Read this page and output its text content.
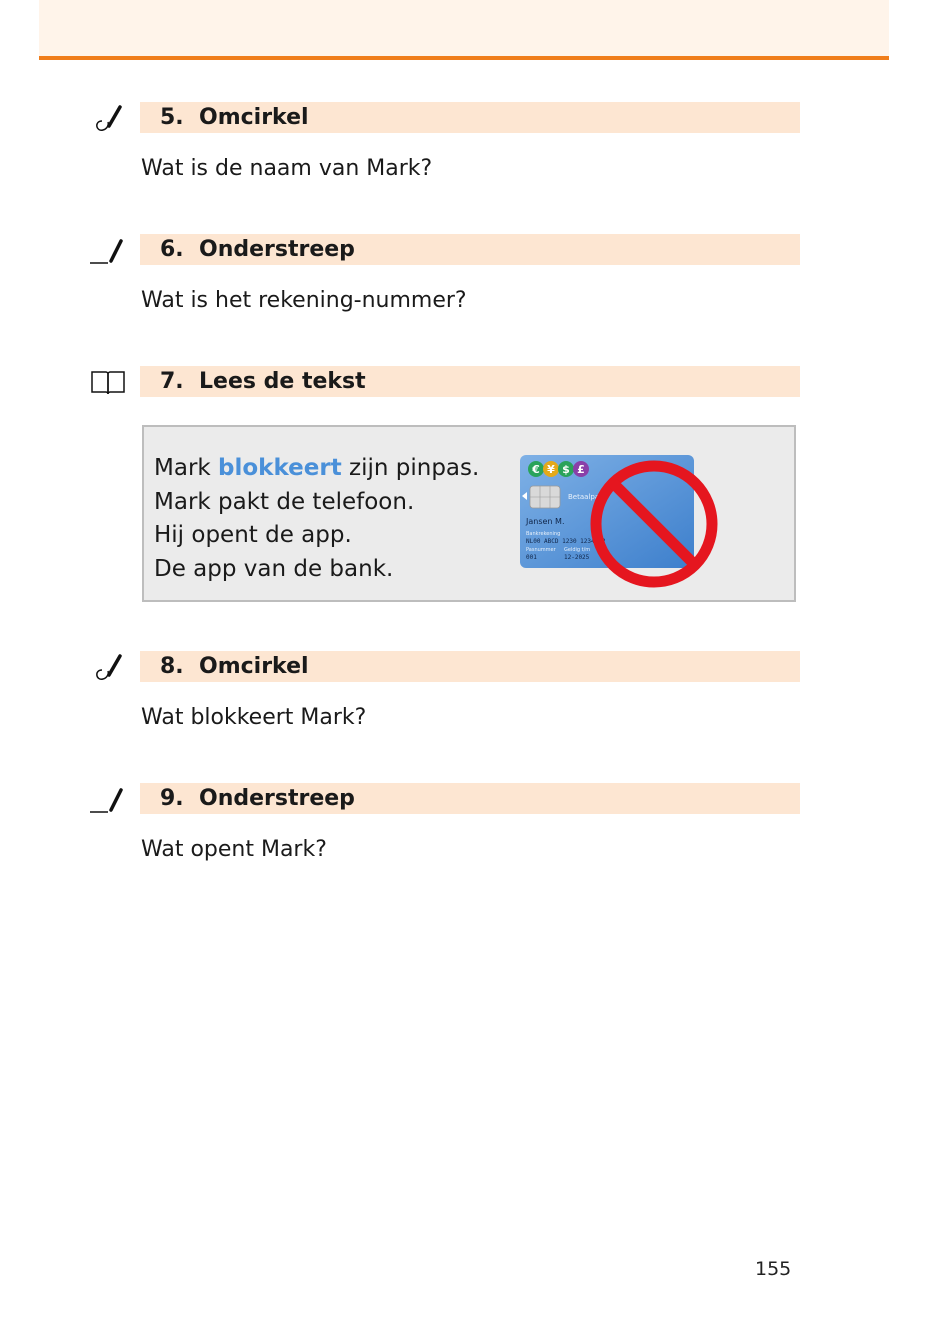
5. Omcirkel
Wat is de naam van Mark?
6. Onderstreep
Wat is het rekening-nummer?
7. Lees de tekst
Mark blokkeert zijn pinpas.
Mark pakt de telefoon.
Hij opent de app.
De app van de bank.
€ ¥ $ £
Betaalpas
Jansen M.
Bankrekening
NL00 ABCD 1230 1234 12
Pasnummer Geldig t/m
001	12-2025
8. Omcirkel
Wat blokkeert Mark?
9. Onderstreep
Wat opent Mark?
155
